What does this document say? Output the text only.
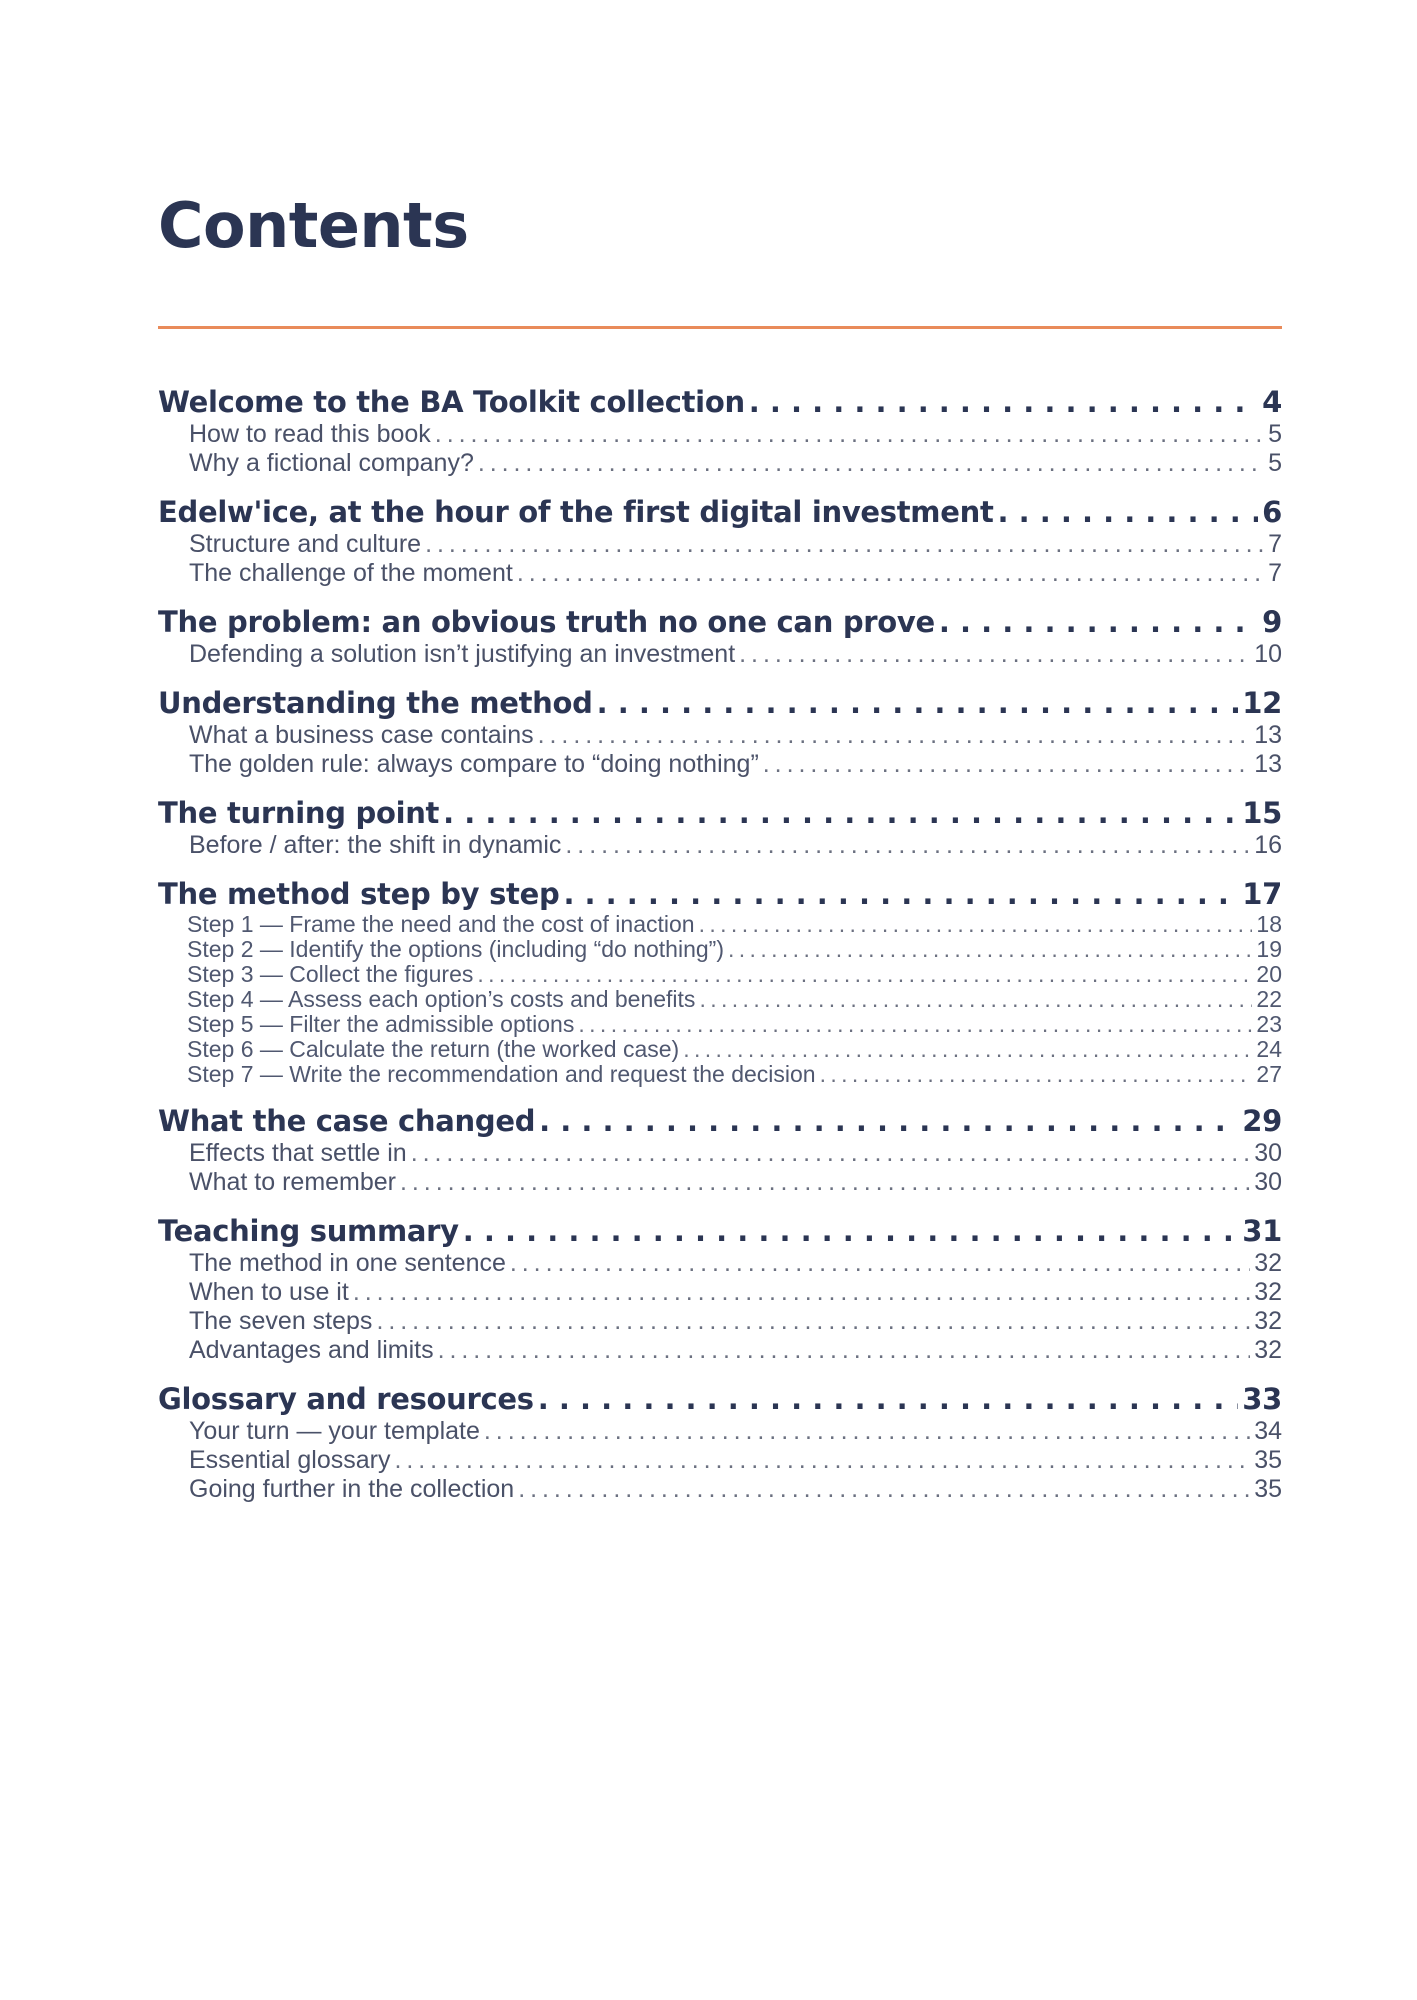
Contents
Welcome to the BA Toolkit collection . . .	4
How to read this book . . .	5
Why a fictional company? . . .	5
Edelw'ice, at the hour of the first digital investment . . .	6
Structure and culture . . .	7
The challenge of the moment . . .	7
The problem: an obvious truth no one can prove . . .	9
Defending a solution isn’t justifying an investment . . .	10
Understanding the method . . .	12
What a business case contains . . .	13
The golden rule: always compare to “doing nothing” . . .	13
The turning point . . .	15
Before / after: the shift in dynamic . . .	16
The method step by step . . .	17
Step 1 — Frame the need and the cost of inaction . . .	18
Step 2 — Identify the options (including “do nothing”) . . .	19
Step 3 — Collect the figures . . .	20
Step 4 — Assess each option’s costs and benefits . . .	22
Step 5 — Filter the admissible options . . .	23
Step 6 — Calculate the return (the worked case) . . .	24
Step 7 — Write the recommendation and request the decision . . .	27
What the case changed . . .	29
Effects that settle in . . .	30
What to remember . . .	30
Teaching summary . . .	31
The method in one sentence . . .	32
When to use it . . .	32
The seven steps . . .	32
Advantages and limits . . .	32
Glossary and resources . . .	33
Your turn — your template . . .	34
Essential glossary . . .	35
Going further in the collection . . .	35
